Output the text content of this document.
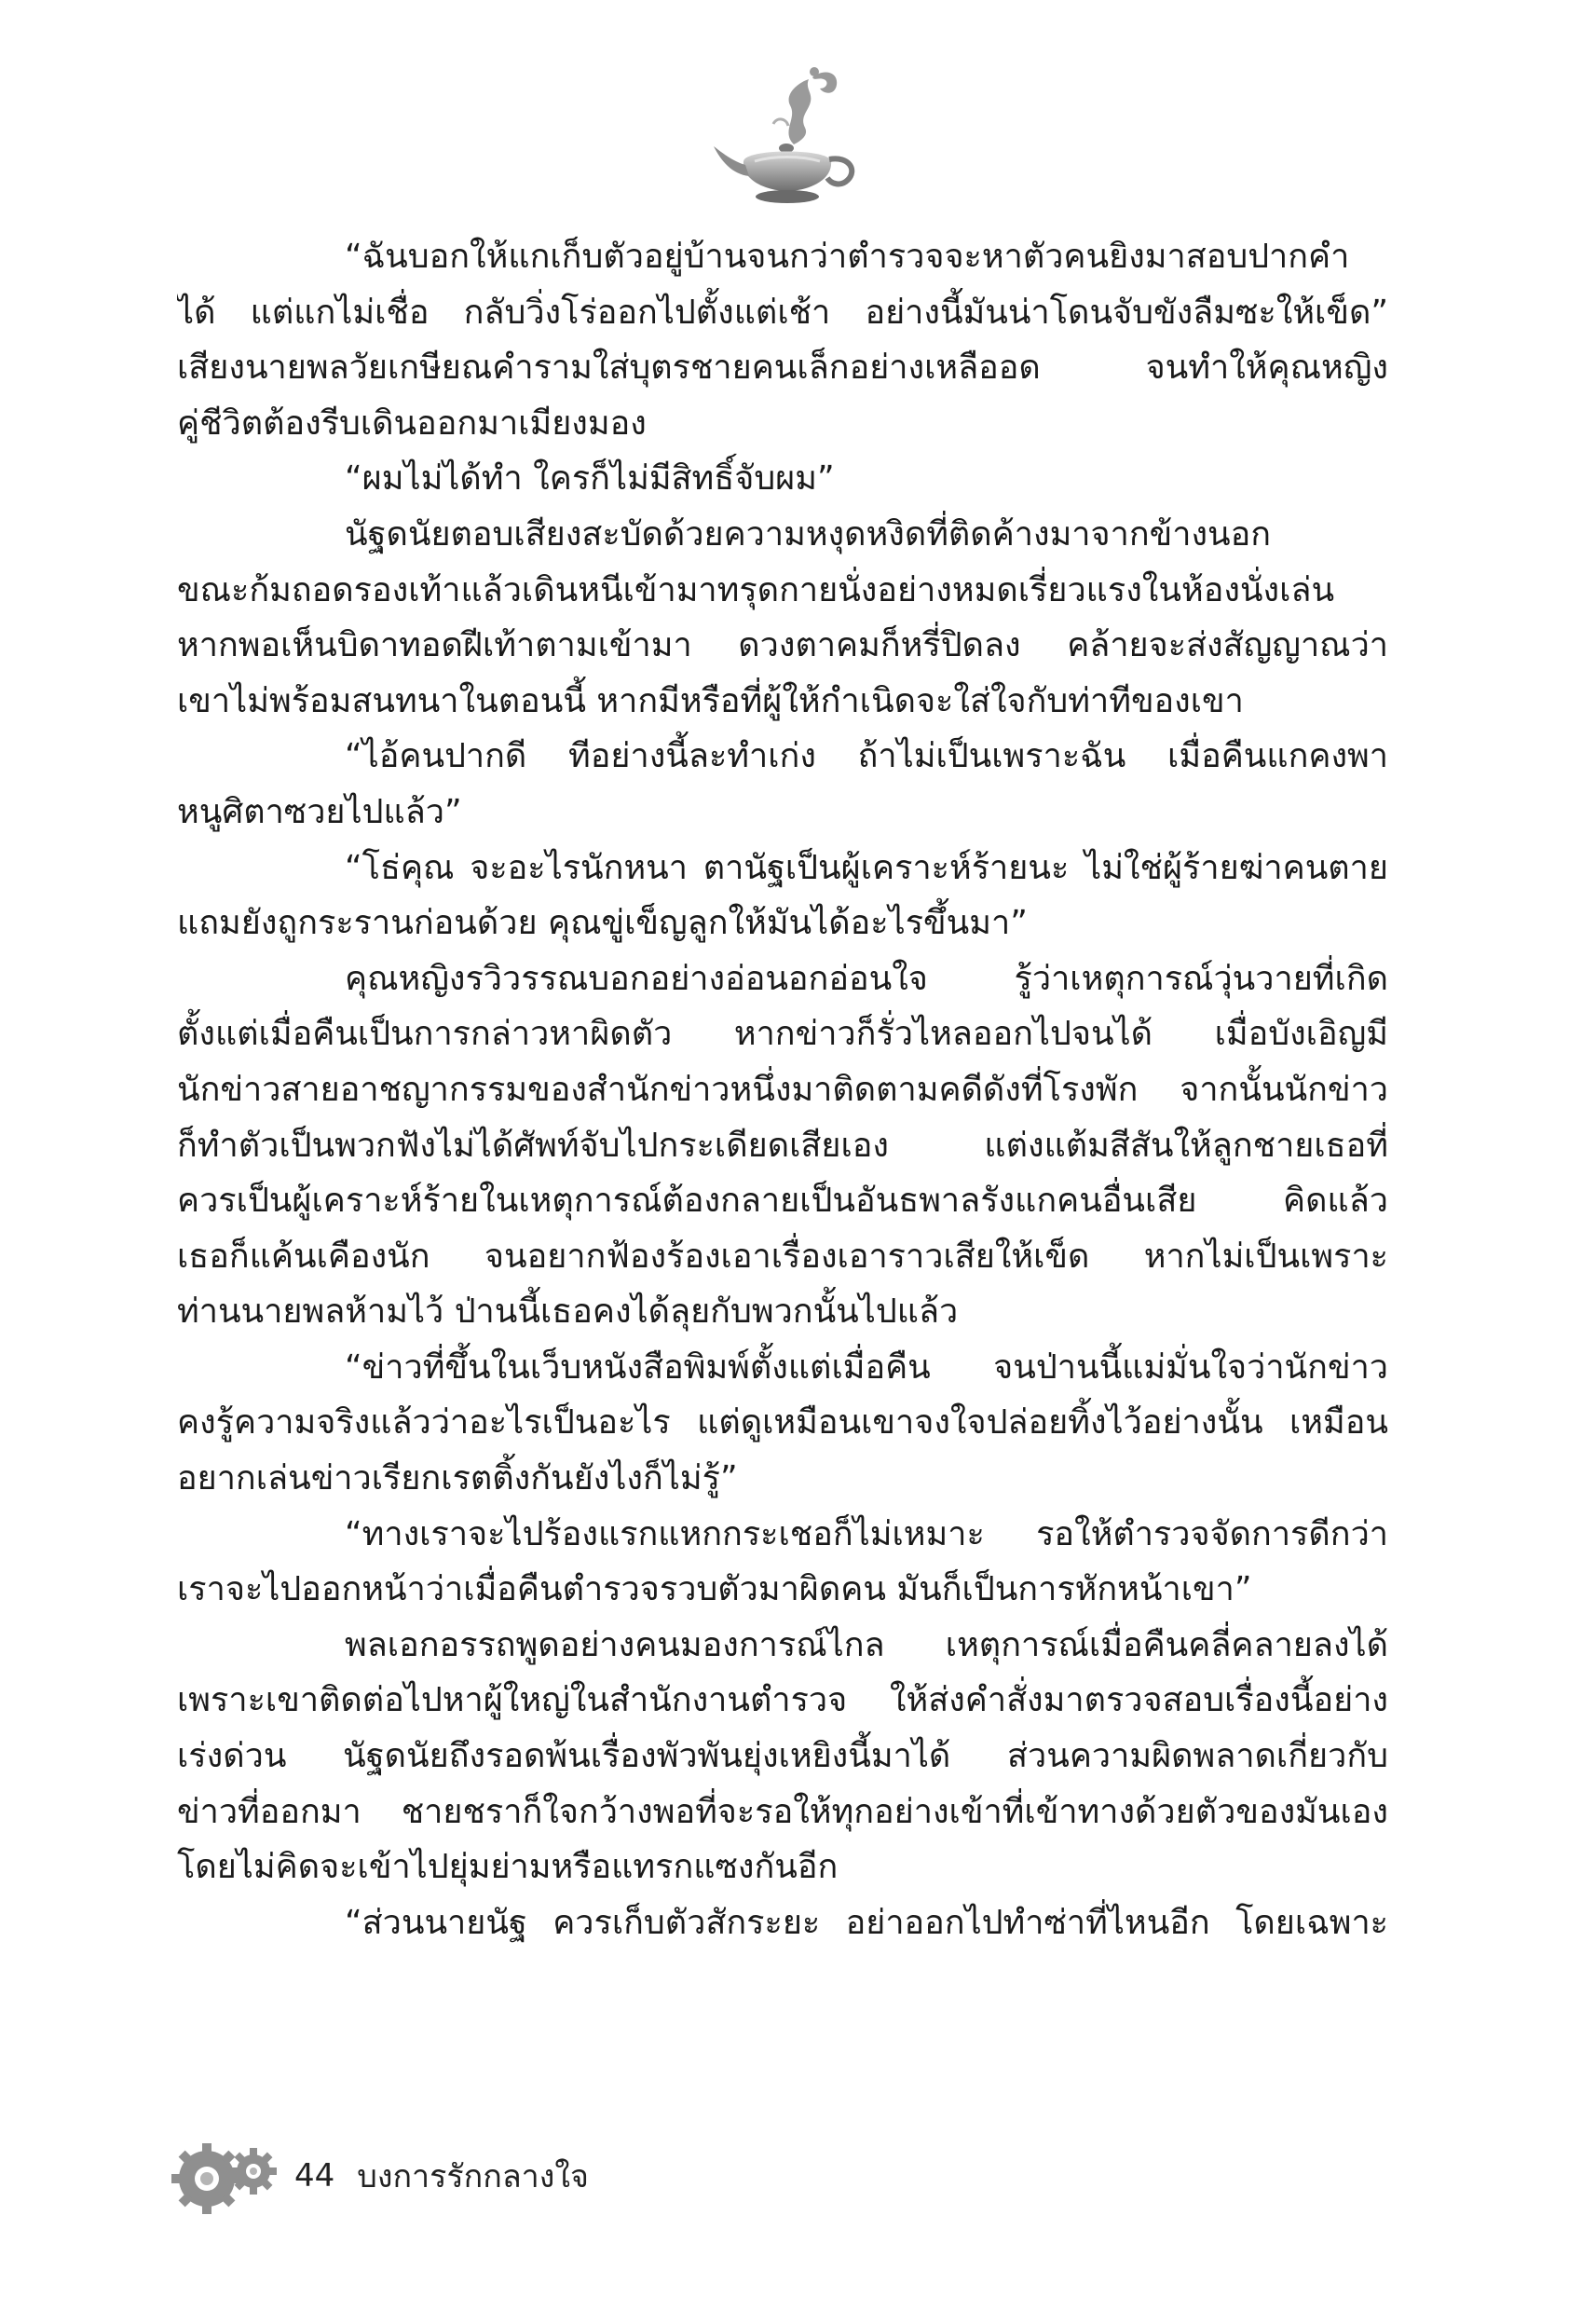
“ฉันบอกให้แกเก็บตัวอยู่บ้านจนกว่าตำรวจจะหาตัวคนยิงมาสอบปากคำ
ได้ แต่แกไม่เชื่อ กลับวิ่งโร่ออกไปตั้งแต่เช้า อย่างนี้มันน่าโดนจับขังลืมซะให้เข็ด”
เสียงนายพลวัยเกษียณคำรามใส่บุตรชายคนเล็กอย่างเหลืออด จนทำให้คุณหญิง
คู่ชีวิตต้องรีบเดินออกมาเมียงมอง
“ผมไม่ได้ทำ ใครก็ไม่มีสิทธิ์จับผม”
นัฐดนัยตอบเสียงสะบัดด้วยความหงุดหงิดที่ติดค้างมาจากข้างนอก
ขณะก้มถอดรองเท้าแล้วเดินหนีเข้ามาทรุดกายนั่งอย่างหมดเรี่ยวแรงในห้องนั่งเล่น
หากพอเห็นบิดาทอดฝีเท้าตามเข้ามา ดวงตาคมก็หรี่ปิดลง คล้ายจะส่งสัญญาณว่า
เขาไม่พร้อมสนทนาในตอนนี้ หากมีหรือที่ผู้ให้กำเนิดจะใส่ใจกับท่าทีของเขา
“ไอ้คนปากดี ทีอย่างนี้ละทำเก่ง ถ้าไม่เป็นเพราะฉัน เมื่อคืนแกคงพา
หนูศิตาซวยไปแล้ว”
“โธ่คุณ จะอะไรนักหนา ตานัฐเป็นผู้เคราะห์ร้ายนะ ไม่ใช่ผู้ร้ายฆ่าคนตาย
แถมยังถูกระรานก่อนด้วย คุณขู่เข็ญลูกให้มันได้อะไรขึ้นมา”
คุณหญิงรวิวรรณบอกอย่างอ่อนอกอ่อนใจ รู้ว่าเหตุการณ์วุ่นวายที่เกิด
ตั้งแต่เมื่อคืนเป็นการกล่าวหาผิดตัว หากข่าวก็รั่วไหลออกไปจนได้ เมื่อบังเอิญมี
นักข่าวสายอาชญากรรมของสำนักข่าวหนึ่งมาติดตามคดีดังที่โรงพัก จากนั้นนักข่าว
ก็ทำตัวเป็นพวกฟังไม่ได้ศัพท์จับไปกระเดียดเสียเอง แต่งแต้มสีสันให้ลูกชายเธอที่
ควรเป็นผู้เคราะห์ร้ายในเหตุการณ์ต้องกลายเป็นอันธพาลรังแกคนอื่นเสีย คิดแล้ว
เธอก็แค้นเคืองนัก จนอยากฟ้องร้องเอาเรื่องเอาราวเสียให้เข็ด หากไม่เป็นเพราะ
ท่านนายพลห้ามไว้ ป่านนี้เธอคงได้ลุยกับพวกนั้นไปแล้ว
“ข่าวที่ขึ้นในเว็บหนังสือพิมพ์ตั้งแต่เมื่อคืน จนป่านนี้แม่มั่นใจว่านักข่าว
คงรู้ความจริงแล้วว่าอะไรเป็นอะไร แต่ดูเหมือนเขาจงใจปล่อยทิ้งไว้อย่างนั้น เหมือน
อยากเล่นข่าวเรียกเรตติ้งกันยังไงก็ไม่รู้”
“ทางเราจะไปร้องแรกแหกกระเชอก็ไม่เหมาะ รอให้ตำรวจจัดการดีกว่า
เราจะไปออกหน้าว่าเมื่อคืนตำรวจรวบตัวมาผิดคน มันก็เป็นการหักหน้าเขา”
พลเอกอรรถพูดอย่างคนมองการณ์ไกล เหตุการณ์เมื่อคืนคลี่คลายลงได้
เพราะเขาติดต่อไปหาผู้ใหญ่ในสำนักงานตำรวจ ให้ส่งคำสั่งมาตรวจสอบเรื่องนี้อย่าง
เร่งด่วน นัฐดนัยถึงรอดพ้นเรื่องพัวพันยุ่งเหยิงนี้มาได้ ส่วนความผิดพลาดเกี่ยวกับ
ข่าวที่ออกมา ชายชราก็ใจกว้างพอที่จะรอให้ทุกอย่างเข้าที่เข้าทางด้วยตัวของมันเอง
โดยไม่คิดจะเข้าไปยุ่มย่ามหรือแทรกแซงกันอีก
“ส่วนนายนัฐ ควรเก็บตัวสักระยะ อย่าออกไปทำซ่าที่ไหนอีก โดยเฉพาะ
44 บงการรักกลางใจ
